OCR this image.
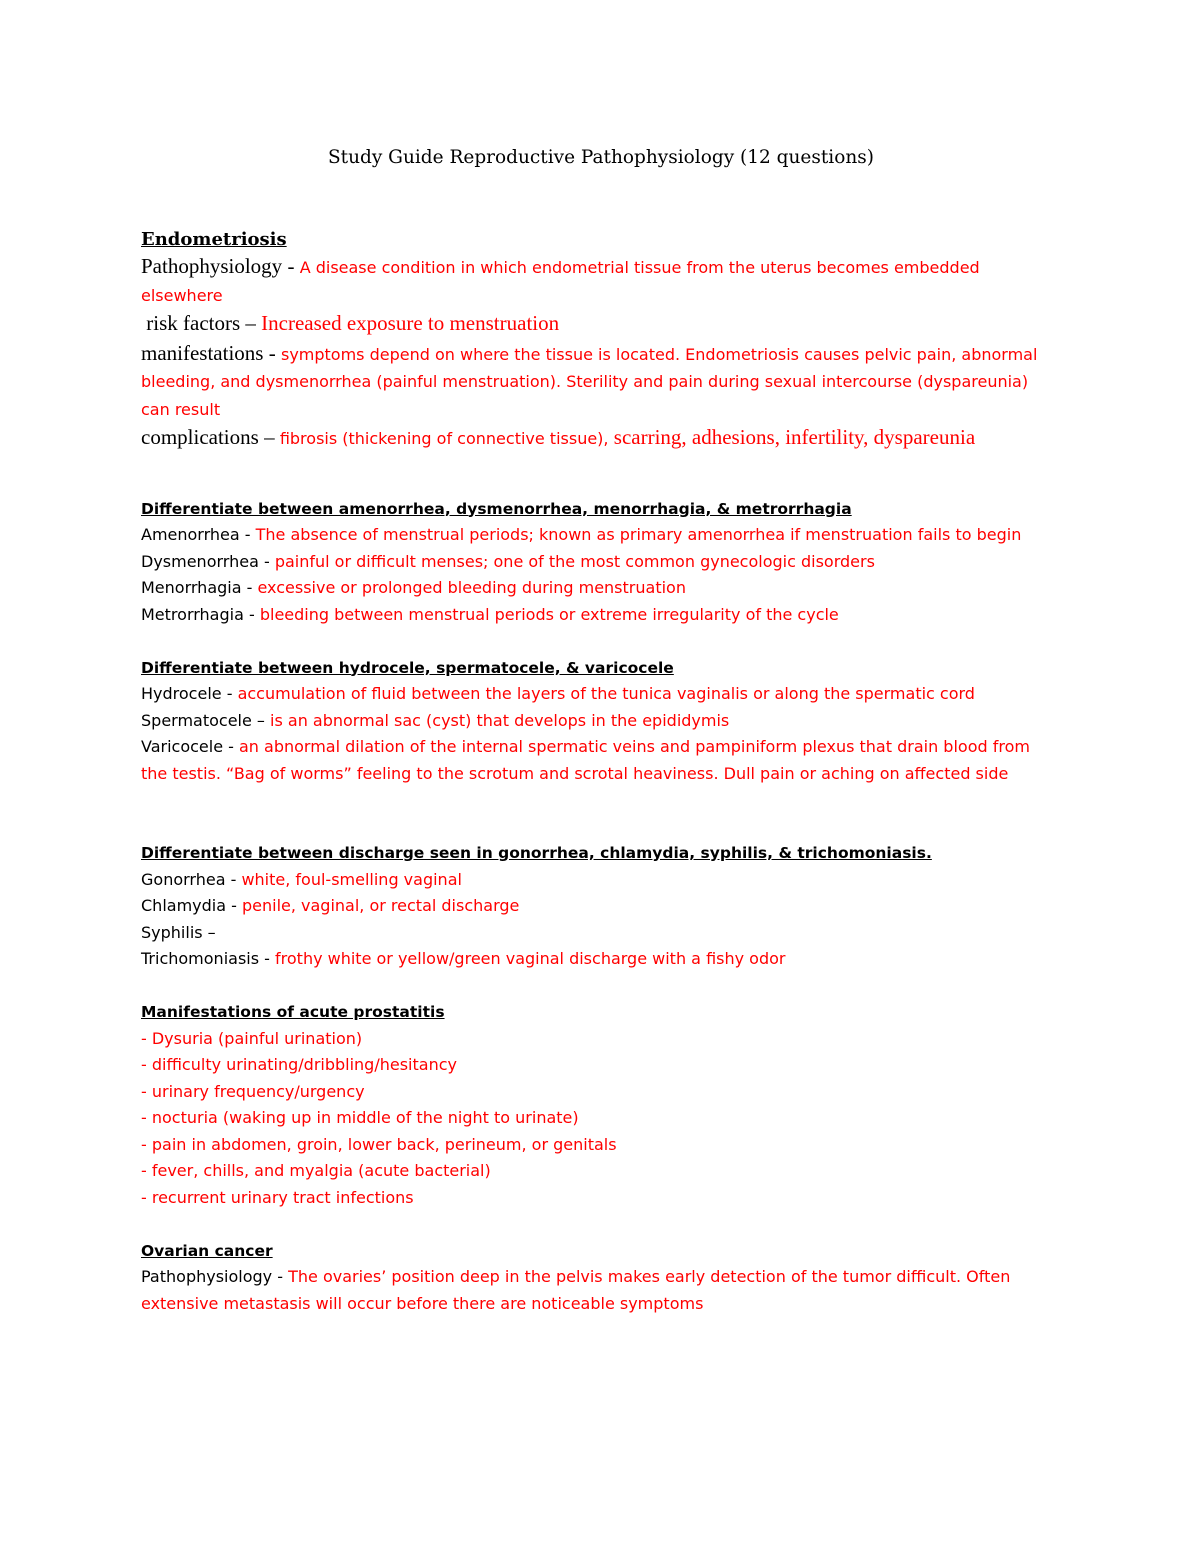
Study Guide Reproductive Pathophysiology (12 questions)
Endometriosis
Pathophysiology - A disease condition in which endometrial tissue from the uterus becomes embedded elsewhere
risk factors – Increased exposure to menstruation
manifestations - symptoms depend on where the tissue is located. Endometriosis causes pelvic pain, abnormal bleeding, and dysmenorrhea (painful menstruation). Sterility and pain during sexual intercourse (dyspareunia) can result
complications – fibrosis (thickening of connective tissue), scarring, adhesions, infertility, dyspareunia
Differentiate between amenorrhea, dysmenorrhea, menorrhagia, & metrorrhagia
Amenorrhea - The absence of menstrual periods; known as primary amenorrhea if menstruation fails to begin
Dysmenorrhea - painful or difficult menses; one of the most common gynecologic disorders
Menorrhagia - excessive or prolonged bleeding during menstruation
Metrorrhagia - bleeding between menstrual periods or extreme irregularity of the cycle
Differentiate between hydrocele, spermatocele, & varicocele
Hydrocele - accumulation of fluid between the layers of the tunica vaginalis or along the spermatic cord
Spermatocele – is an abnormal sac (cyst) that develops in the epididymis
Varicocele - an abnormal dilation of the internal spermatic veins and pampiniform plexus that drain blood from the testis. “Bag of worms” feeling to the scrotum and scrotal heaviness. Dull pain or aching on affected side
Differentiate between discharge seen in gonorrhea, chlamydia, syphilis, & trichomoniasis.
Gonorrhea - white, foul-smelling vaginal
Chlamydia - penile, vaginal, or rectal discharge
Syphilis –
Trichomoniasis - frothy white or yellow/green vaginal discharge with a fishy odor
Manifestations of acute prostatitis
- Dysuria (painful urination)
- difficulty urinating/dribbling/hesitancy
- urinary frequency/urgency
- nocturia (waking up in middle of the night to urinate)
- pain in abdomen, groin, lower back, perineum, or genitals
- fever, chills, and myalgia (acute bacterial)
- recurrent urinary tract infections
Ovarian cancer
Pathophysiology - The ovaries’ position deep in the pelvis makes early detection of the tumor difficult. Often extensive metastasis will occur before there are noticeable symptoms
